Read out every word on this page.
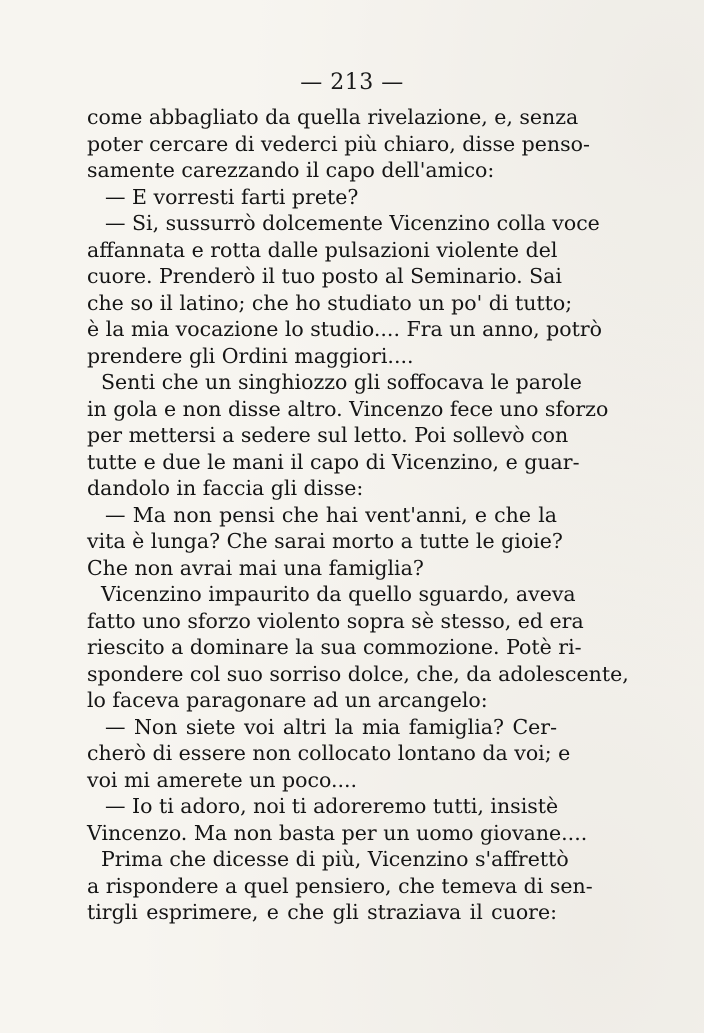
— 213 —
come abbagliato da quella rivelazione, e, senza
poter cercare di vederci più chiaro, disse penso-
samente carezzando il capo dell'amico:
— E vorresti farti prete?
— Si, sussurrò dolcemente Vicenzino colla voce
affannata e rotta dalle pulsazioni violente del
cuore. Prenderò il tuo posto al Seminario. Sai
che so il latino; che ho studiato un po' di tutto;
è la mia vocazione lo studio.... Fra un anno, potrò
prendere gli Ordini maggiori....
Senti che un singhiozzo gli soffocava le parole
in gola e non disse altro. Vincenzo fece uno sforzo
per mettersi a sedere sul letto. Poi sollevò con
tutte e due le mani il capo di Vicenzino, e guar-
dandolo in faccia gli disse:
— Ma non pensi che hai vent'anni, e che la
vita è lunga? Che sarai morto a tutte le gioie?
Che non avrai mai una famiglia?
Vicenzino impaurito da quello sguardo, aveva
fatto uno sforzo violento sopra sè stesso, ed era
riescito a dominare la sua commozione. Potè ri-
spondere col suo sorriso dolce, che, da adolescente,
lo faceva paragonare ad un arcangelo:
— Non siete voi altri la mia famiglia? Cer-
cherò di essere non collocato lontano da voi; e
voi mi amerete un poco....
— Io ti adoro, noi ti adoreremo tutti, insistè
Vincenzo. Ma non basta per un uomo giovane....
Prima che dicesse di più, Vicenzino s'affrettò
a rispondere a quel pensiero, che temeva di sen-
tirgli esprimere, e che gli straziava il cuore:
